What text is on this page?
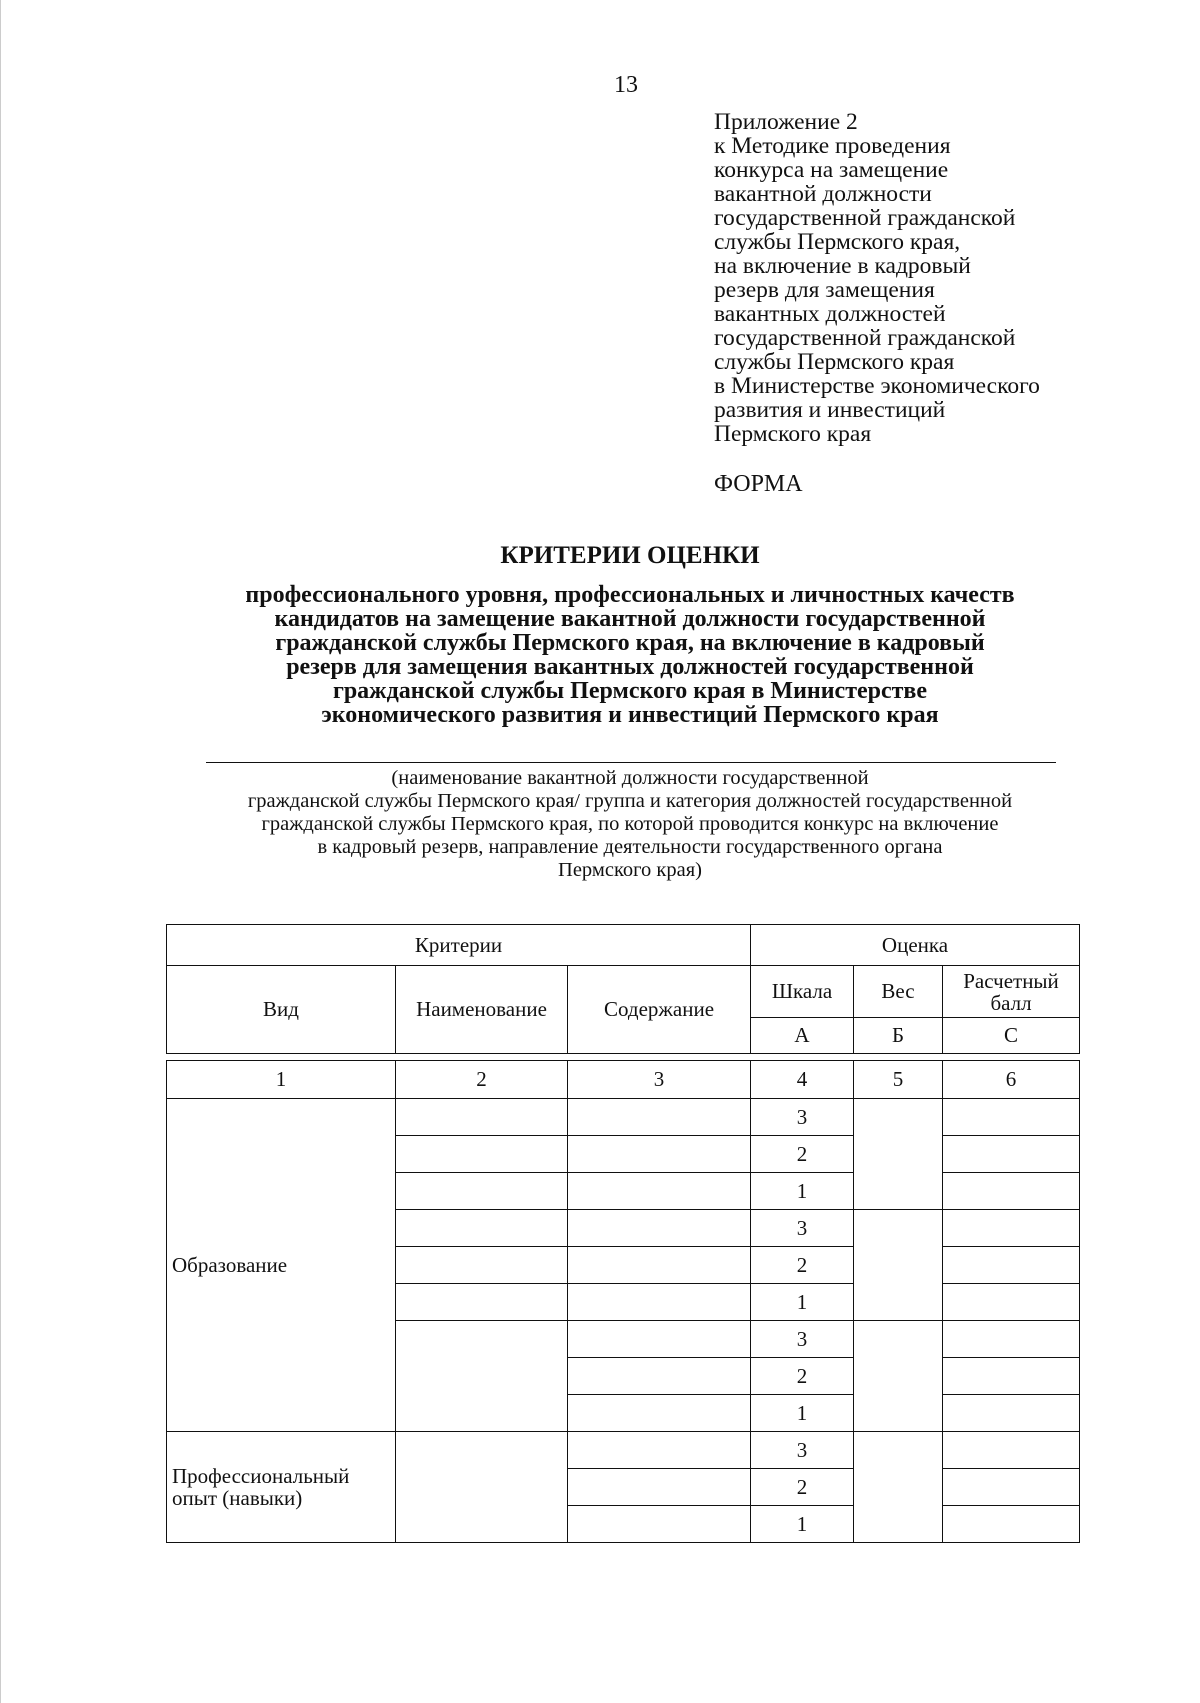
13
Приложение 2
к Методике проведения
конкурса на замещение
вакантной должности
государственной гражданской
службы Пермского края,
на включение в кадровый
резерв для замещения
вакантных должностей
государственной гражданской
службы Пермского края
в Министерстве экономического
развития и инвестиций
Пермского края
ФОРМА
КРИТЕРИИ ОЦЕНКИ
профессионального уровня, профессиональных и личностных качеств
кандидатов на замещение вакантной должности государственной
гражданской службы Пермского края, на включение в кадровый
резерв для замещения вакантных должностей государственной
гражданской службы Пермского края в Министерстве
экономического развития и инвестиций Пермского края
(наименование вакантной должности государственной
гражданской службы Пермского края/ группа и категория должностей государственной
гражданской службы Пермского края, по которой проводится конкурс на включение
в кадровый резерв, направление деятельности государственного органа
Пермского края)
Критерии			Оценка		
Вид	Наименование	Содержание	Шкала	Вес	Расчетный
балл

			А	Б	С

1	2	3	4	5	6
Образование			3		
			2		
			1		
			3		
			2		
			1		
			3		
			2		
			1		

Профессиональный
опыт (навыки)			3		
			2		
			1		
